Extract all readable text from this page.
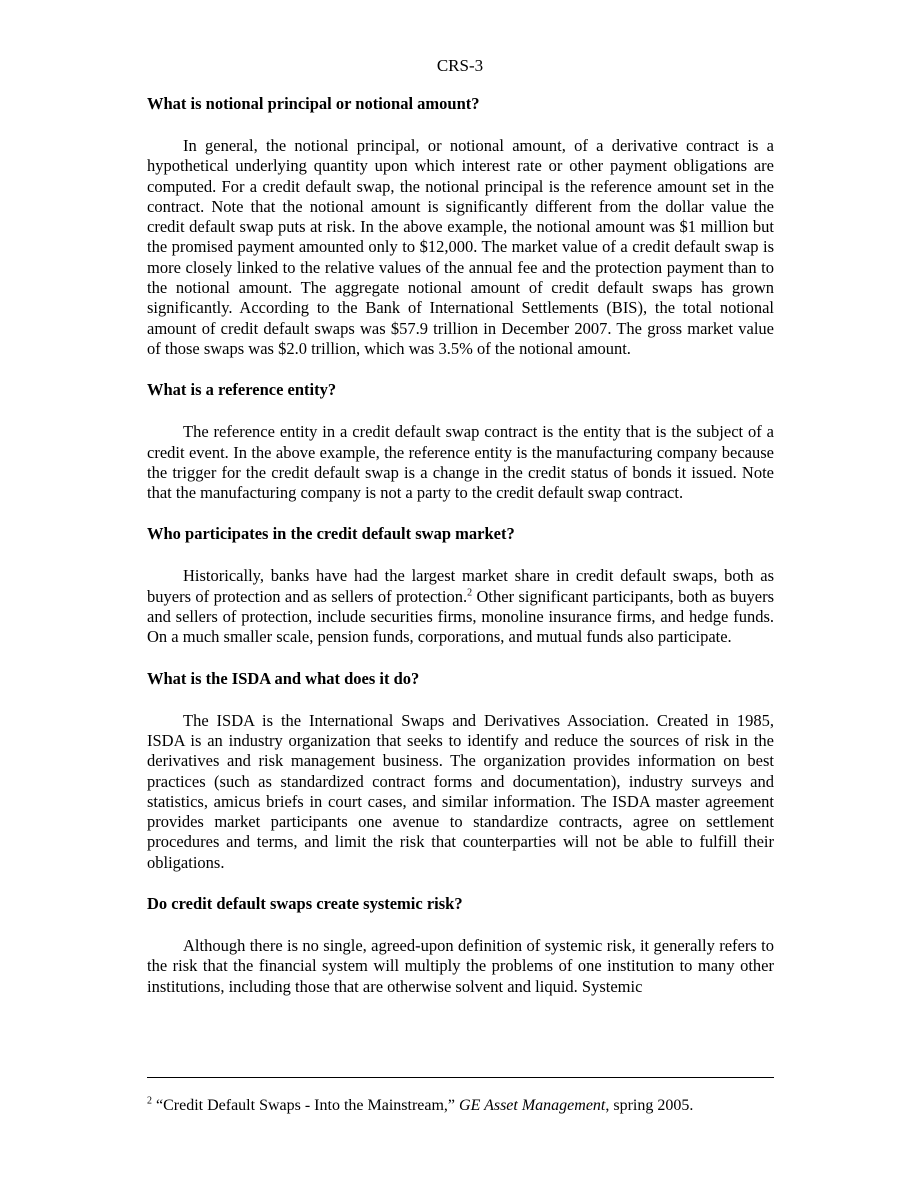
CRS-3
What is notional principal or notional amount?

In general, the notional principal, or notional amount, of a derivative contract is a hypothetical underlying quantity upon which interest rate or other payment obligations are computed. For a credit default swap, the notional principal is the reference amount set in the contract. Note that the notional amount is significantly different from the dollar value the credit default swap puts at risk. In the above example, the notional amount was $1 million but the promised payment amounted only to $12,000. The market value of a credit default swap is more closely linked to the relative values of the annual fee and the protection payment than to the notional amount. The aggregate notional amount of credit default swaps has grown significantly. According to the Bank of International Settlements (BIS), the total notional amount of credit default swaps was $57.9 trillion in December 2007. The gross market value of those swaps was $2.0 trillion, which was 3.5% of the notional amount.

What is a reference entity?

The reference entity in a credit default swap contract is the entity that is the subject of a credit event. In the above example, the reference entity is the manufacturing company because the trigger for the credit default swap is a change in the credit status of bonds it issued. Note that the manufacturing company is not a party to the credit default swap contract.

Who participates in the credit default swap market?

Historically, banks have had the largest market share in credit default swaps, both as buyers of protection and as sellers of protection.$^2$ Other significant participants, both as buyers and sellers of protection, include securities firms, monoline insurance firms, and hedge funds. On a much smaller scale, pension funds, corporations, and mutual funds also participate.

What is the ISDA and what does it do?

The ISDA is the International Swaps and Derivatives Association. Created in 1985, ISDA is an industry organization that seeks to identify and reduce the sources of risk in the derivatives and risk management business. The organization provides information on best practices (such as standardized contract forms and documentation), industry surveys and statistics, amicus briefs in court cases, and similar information. The ISDA master agreement provides market participants one avenue to standardize contracts, agree on settlement procedures and terms, and limit the risk that counterparties will not be able to fulfill their obligations.

Do credit default swaps create systemic risk?

Although there is no single, agreed-upon definition of systemic risk, it generally refers to the risk that the financial system will multiply the problems of one institution to many other institutions, including those that are otherwise solvent and liquid. Systemic

$^2$ “Credit Default Swaps - Into the Mainstream,” GE Asset Management, spring 2005.
